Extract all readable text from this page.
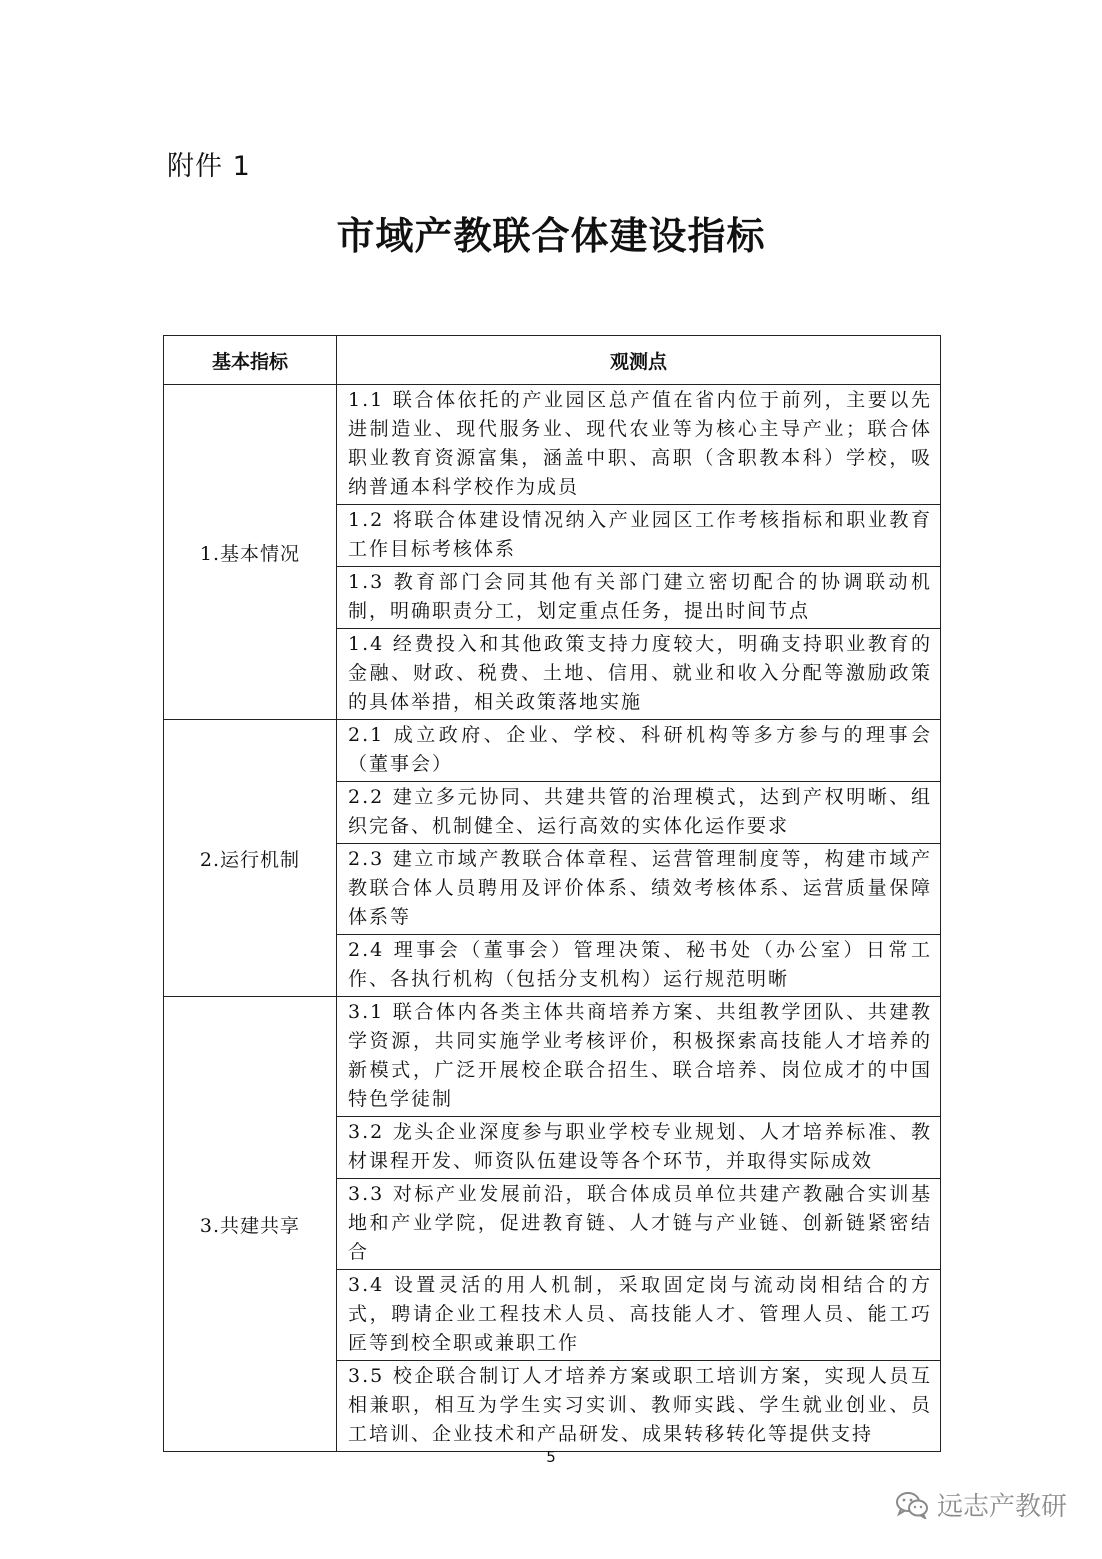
附件 1
市域产教联合体建设指标
基本指标	观测点
1.基本情况	1.1 联合体依托的产业园区总产值在省内位于前列，主要以先进制造业、现代服务业、现代农业等为核心主导产业；联合体职业教育资源富集，涵盖中职、高职（含职教本科）学校，吸纳普通本科学校作为成员
	1.2 将联合体建设情况纳入产业园区工作考核指标和职业教育工作目标考核体系
	1.3 教育部门会同其他有关部门建立密切配合的协调联动机制，明确职责分工，划定重点任务，提出时间节点
	1.4 经费投入和其他政策支持力度较大，明确支持职业教育的金融、财政、税费、土地、信用、就业和收入分配等激励政策的具体举措，相关政策落地实施
2.运行机制	2.1 成立政府、企业、学校、科研机构等多方参与的理事会（董事会）
	2.2 建立多元协同、共建共管的治理模式，达到产权明晰、组织完备、机制健全、运行高效的实体化运作要求
	2.3 建立市域产教联合体章程、运营管理制度等，构建市域产教联合体人员聘用及评价体系、绩效考核体系、运营质量保障体系等
	2.4 理事会（董事会）管理决策、秘书处（办公室）日常工作、各执行机构（包括分支机构）运行规范明晰
3.共建共享	3.1 联合体内各类主体共商培养方案、共组教学团队、共建教学资源，共同实施学业考核评价，积极探索高技能人才培养的新模式，广泛开展校企联合招生、联合培养、岗位成才的中国特色学徒制
	3.2 龙头企业深度参与职业学校专业规划、人才培养标准、教材课程开发、师资队伍建设等各个环节，并取得实际成效
	3.3 对标产业发展前沿，联合体成员单位共建产教融合实训基地和产业学院，促进教育链、人才链与产业链、创新链紧密结合
	3.4 设置灵活的用人机制，采取固定岗与流动岗相结合的方式，聘请企业工程技术人员、高技能人才、管理人员、能工巧匠等到校全职或兼职工作
	3.5 校企联合制订人才培养方案或职工培训方案，实现人员互相兼职，相互为学生实习实训、教师实践、学生就业创业、员工培训、企业技术和产品研发、成果转移转化等提供支持
5
远志产教研
